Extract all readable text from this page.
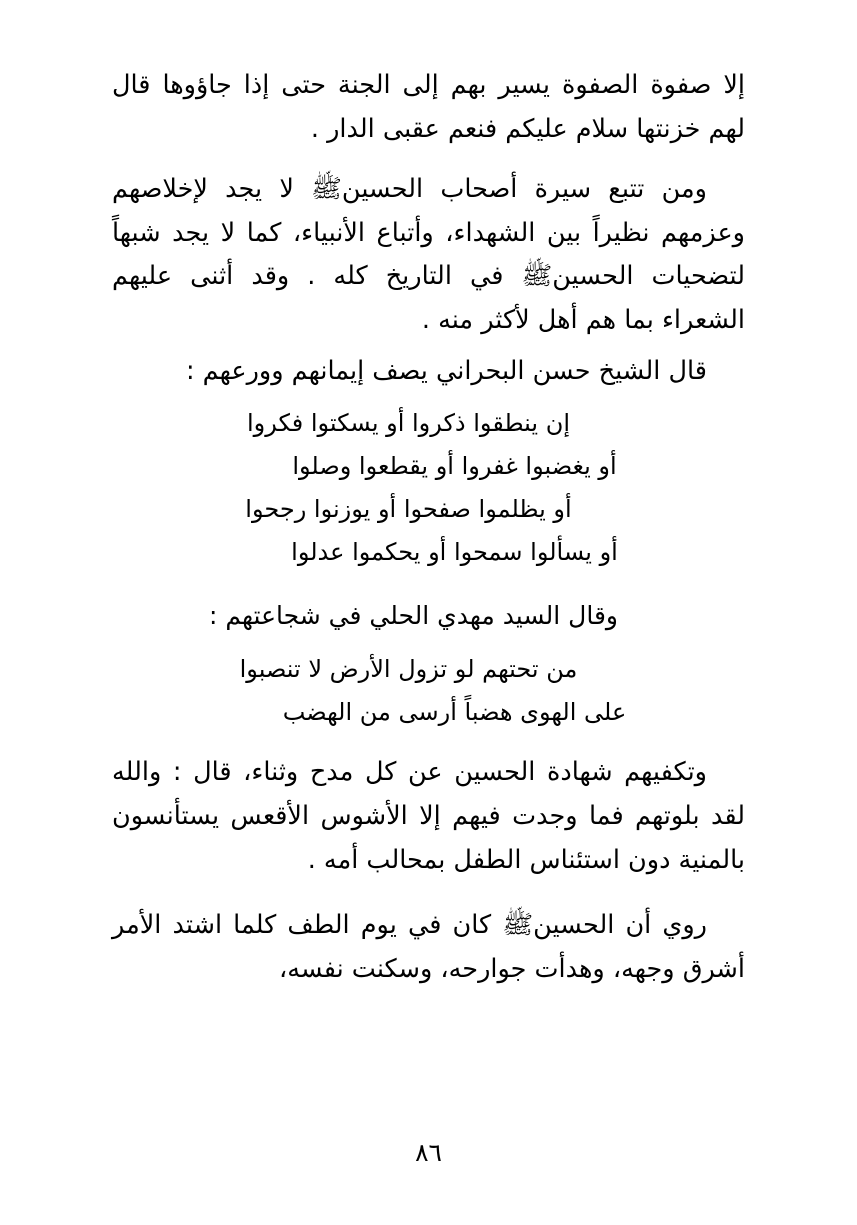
إلا صفوة الصفوة يسير بهم إلى الجنة حتى إذا جاؤوها قال لهم خزنتها سلام عليكم فنعم عقبى الدار .

ومن تتبع سيرة أصحاب الحسينﷺ لا يجد لإخلاصهم وعزمهم نظيراً بين الشهداء، وأتباع الأنبياء، كما لا يجد شبهاً لتضحيات الحسينﷺ في التاريخ كله . وقد أثنى عليهم الشعراء بما هم أهل لأكثر منه .

قال الشيخ حسن البحراني يصف إيمانهم وورعهم :

إن ينطقوا ذكروا أو يسكتوا فكروا

أو يغضبوا غفروا أو يقطعوا وصلوا

أو يظلموا صفحوا أو يوزنوا رجحوا

أو يسألوا سمحوا أو يحكموا عدلوا

وقال السيد مهدي الحلي في شجاعتهم :

من تحتهم لو تزول الأرض لا تنصبوا

على الهوى هضباً أرسى من الهضب

وتكفيهم شهادة الحسين عن كل مدح وثناء، قال : والله لقد بلوتهم فما وجدت فيهم إلا الأشوس الأقعس يستأنسون بالمنية دون استئناس الطفل بمحالب أمه .

روي أن الحسينﷺ كان في يوم الطف كلما اشتد الأمر أشرق وجهه، وهدأت جوارحه، وسكنت نفسه،

٨٦
